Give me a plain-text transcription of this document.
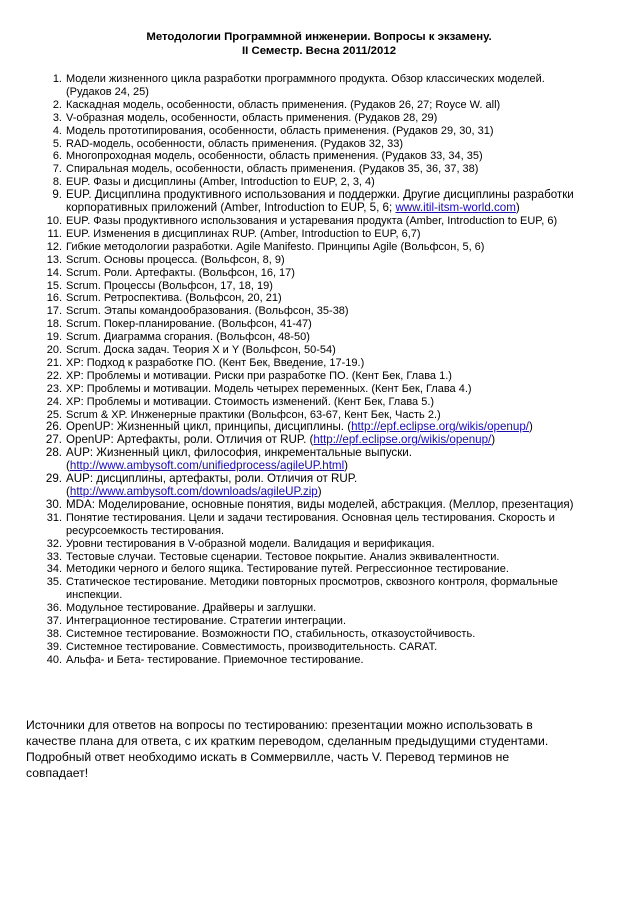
Методологии Программной инженерии. Вопросы к экзамену.
II Семестр. Весна 2011/2012
1. Модели жизненного цикла разработки программного продукта. Обзор классических моделей.
(Рудаков 24, 25)
2. Каскадная модель, особенности, область применения. (Рудаков 26, 27; Royce W. all)
3. V-образная модель, особенности, область применения. (Рудаков 28, 29)
4. Модель прототипирования, особенности, область применения. (Рудаков 29, 30, 31)
5. RAD-модель, особенности, область применения. (Рудаков 32, 33)
6. Многопроходная модель, особенности, область применения. (Рудаков 33, 34, 35)
7. Спиральная модель, особенности, область применения. (Рудаков 35, 36, 37, 38)
8. EUP. Фазы и дисциплины (Amber, Introduction to EUP, 2, 3, 4)
9. EUP. Дисциплина продуктивного использования и поддержки. Другие дисциплины разработки
корпоративных приложений (Amber, Introduction to EUP, 5, 6; www.itil-itsm-world.com)
10. EUP. Фазы продуктивного использования и устаревания продукта (Amber, Introduction to EUP, 6)
11. EUP. Изменения в дисциплинах RUP. (Amber, Introduction to EUP, 6,7)
12. Гибкие методологии разработки. Agile Manifesto. Принципы Agile (Вольфсон, 5, 6)
13. Scrum. Основы процесса. (Вольфсон, 8, 9)
14. Scrum. Роли. Артефакты. (Вольфсон, 16, 17)
15. Scrum. Процессы (Вольфсон, 17, 18, 19)
16. Scrum. Ретроспектива. (Вольфсон, 20, 21)
17. Scrum. Этапы командообразования. (Вольфсон, 35-38)
18. Scrum. Покер-планирование. (Вольфсон, 41-47)
19. Scrum. Диаграмма сгорания. (Вольфсон, 48-50)
20. Scrum. Доска задач. Теория X и Y (Вольфсон, 50-54)
21. XP: Подход к разработке ПО. (Кент Бек, Введение, 17-19.)
22. XP: Проблемы и мотивации. Риски при разработке ПО. (Кент Бек, Глава 1.)
23. XP: Проблемы и мотивации. Модель четырех переменных. (Кент Бек, Глава 4.)
24. XP: Проблемы и мотивации. Стоимость изменений. (Кент Бек, Глава 5.)
25. Scrum & XP. Инженерные практики (Вольфсон, 63-67, Кент Бек, Часть 2.)
26. OpenUP: Жизненный цикл, принципы, дисциплины. (http://epf.eclipse.org/wikis/openup/)
27. OpenUP: Артефакты, роли. Отличия от RUP. (http://epf.eclipse.org/wikis/openup/)
28. AUP: Жизненный цикл, философия, инкрементальные выпуски.
(http://www.ambysoft.com/unifiedprocess/agileUP.html)
29. AUP: дисциплины, артефакты, роли. Отличия от RUP.
(http://www.ambysoft.com/downloads/agileUP.zip)
30. MDA: Моделирование, основные понятия, виды моделей, абстракция. (Меллор, презентация)
31. Понятие тестирования. Цели и задачи тестирования. Основная цель тестирования. Скорость и
ресурсоемкость тестирования.
32. Уровни тестирования в V-образной модели. Валидация и верификация.
33. Тестовые случаи. Тестовые сценарии. Тестовое покрытие. Анализ эквивалентности.
34. Методики черного и белого ящика. Тестирование путей. Регрессионное тестирование.
35. Статическое тестирование. Методики повторных просмотров, сквозного контроля, формальные
инспекции.
36. Модульное тестирование. Драйверы и заглушки.
37. Интеграционное тестирование. Стратегии интеграции.
38. Системное тестирование. Возможности ПО, стабильность, отказоустойчивость.
39. Системное тестирование. Совместимость, производительность. CARAT.
40. Альфа- и Бета- тестирование. Приемочное тестирование.
Источники для ответов на вопросы по тестированию: презентации можно использовать в
качестве плана для ответа, с их кратким переводом, сделанным предыдущими студентами.
Подробный ответ необходимо искать в Соммервилле, часть V. Перевод терминов не
совпадает!
